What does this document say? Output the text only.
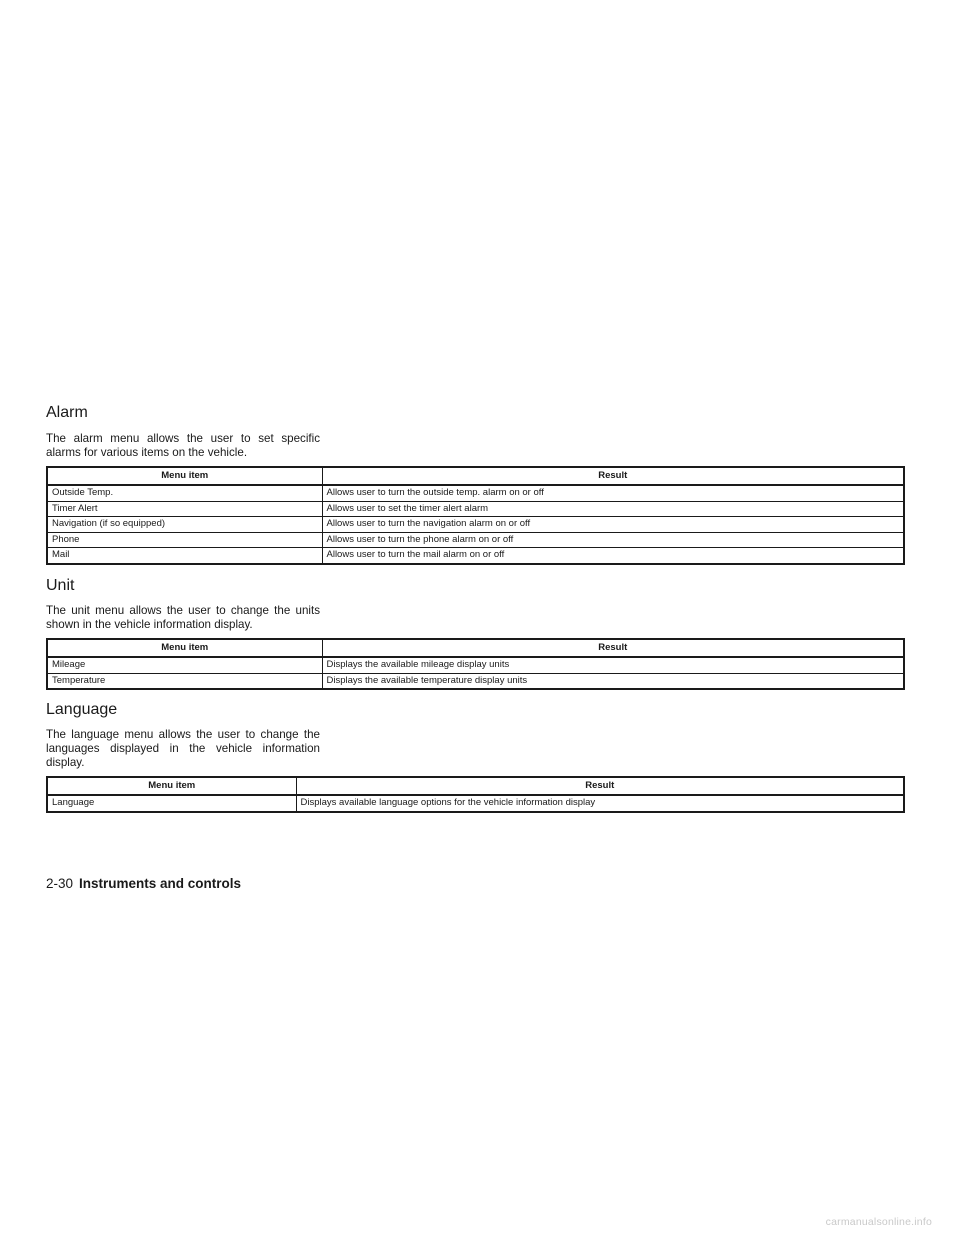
Alarm

The alarm menu allows the user to set specific alarms for various items on the vehicle.

Menu item	Result
Outside Temp.	Allows user to turn the outside temp. alarm on or off
Timer Alert	Allows user to set the timer alert alarm
Navigation (if so equipped)	Allows user to turn the navigation alarm on or off
Phone	Allows user to turn the phone alarm on or off
Mail	Allows user to turn the mail alarm on or off
Unit

The unit menu allows the user to change the units shown in the vehicle information display.

Menu item	Result
Mileage	Displays the available mileage display units
Temperature	Displays the available temperature display units
Language

The language menu allows the user to change the languages displayed in the vehicle information display.

Menu item	Result
Language	Displays available language options for the vehicle information display
2-30 Instruments and controls
carmanualsonline.info
